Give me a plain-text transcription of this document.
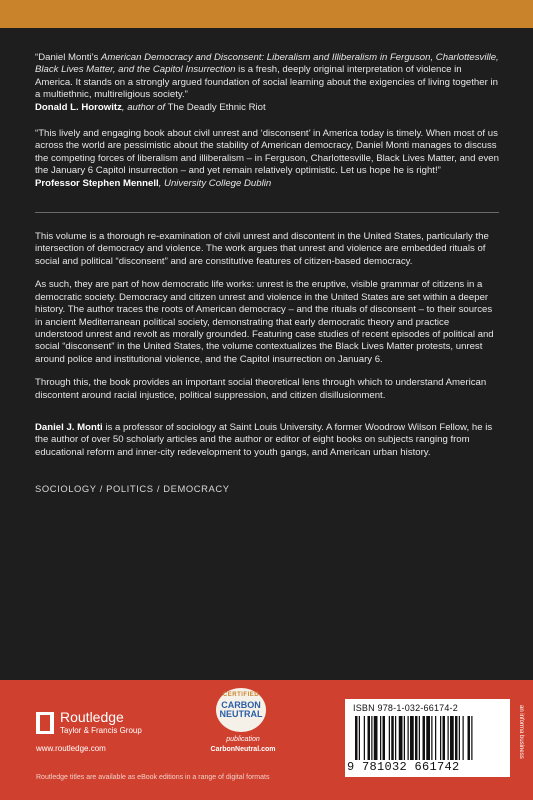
“Daniel Monti’s American Democracy and Disconsent: Liberalism and Illiberalism in Ferguson, Charlottesville, Black Lives Matter, and the Capitol Insurrection is a fresh, deeply original interpretation of violence in America. It stands on a strongly argued foundation of social learning about the exigencies of living together in a multiethnic, multireligious society.”

Donald L. Horowitz, author of The Deadly Ethnic Riot

“This lively and engaging book about civil unrest and ‘disconsent’ in America today is timely. When most of us across the world are pessimistic about the stability of American democracy, Daniel Monti manages to discuss the competing forces of liberalism and illiberalism – in Ferguson, Charlottesville, Black Lives Matter, and even the January 6 Capitol insurrection – and yet remain relatively optimistic. Let us hope he is right!”

Professor Stephen Mennell, University College Dublin

This volume is a thorough re-examination of civil unrest and discontent in the United States, particularly the intersection of democracy and violence. The work argues that unrest and violence are embedded rituals of social and political “disconsent” and are constitutive features of citizen-based democracy.

As such, they are part of how democratic life works: unrest is the eruptive, visible grammar of citizens in a democratic society. Democracy and citizen unrest and violence in the United States are set within a deeper history. The author traces the roots of American democracy – and the rituals of disconsent – to their sources in ancient Mediterranean political society, demonstrating that early democratic theory and practice understood unrest and revolt as morally grounded. Featuring case studies of recent episodes of political and social “disconsent” in the United States, the volume contextualizes the Black Lives Matter protests, unrest around police and institutional violence, and the Capitol insurrection on January 6.

Through this, the book provides an important social theoretical lens through which to understand American discontent around racial injustice, political suppression, and citizen disillusionment.

Daniel J. Monti is a professor of sociology at Saint Louis University. A former Woodrow Wilson Fellow, he is the author of over 50 scholarly articles and the author or editor of eight books on subjects ranging from educational reform and inner-city redevelopment to youth gangs, and American urban history.

SOCIOLOGY / POLITICS / DEMOCRACY
Routledge
Taylor & Francis Group
www.routledge.com
CERTIFIED
CARBON NEUTRAL
publication
CarbonNeutral.com
Routledge titles are available as eBook editions in a range of digital formats
ISBN 978-1-032-66174-2
9 781032 661742
an informa business
